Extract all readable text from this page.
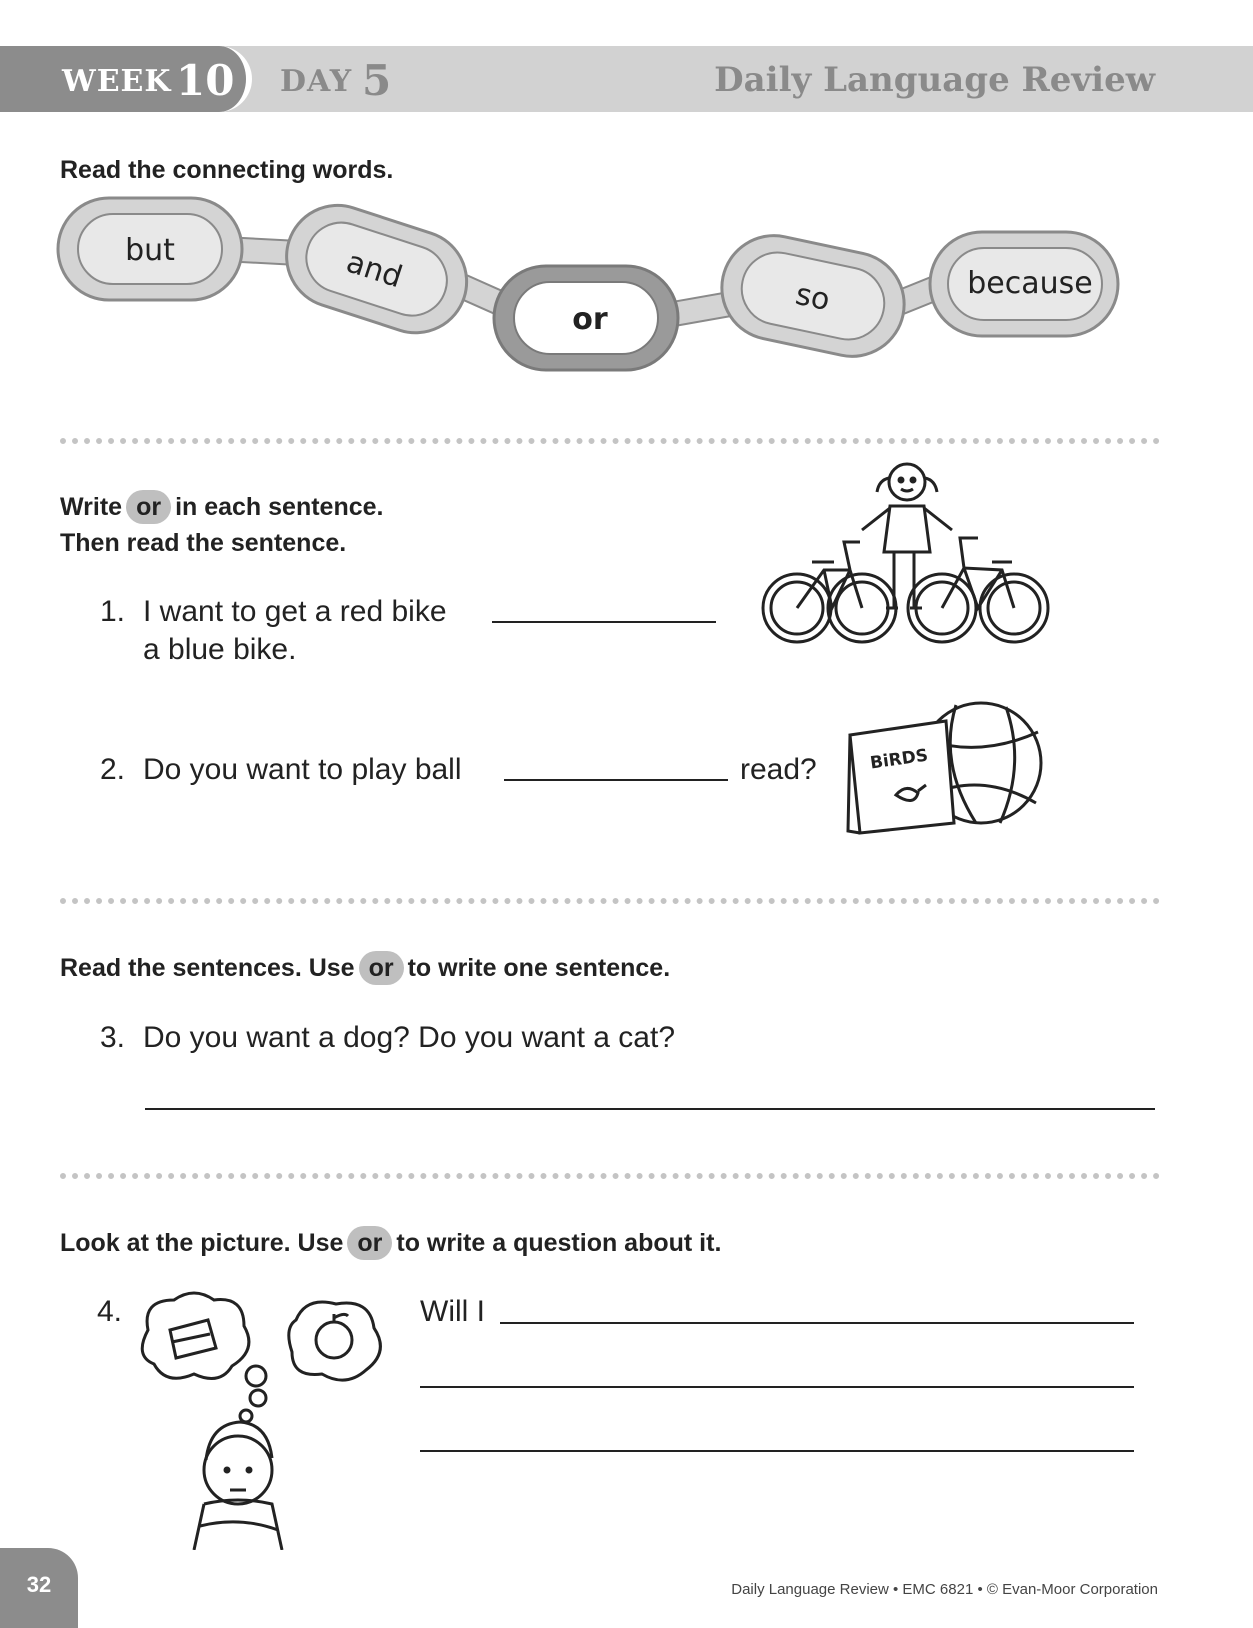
WEEK 10 DAY 5	Daily Language Review
Read the connecting words.
but	and
or
so	because
Write or in each sentence.
Then read the sentence.
1. I want to get a red bike
a blue bike.
2. Do you want to play ball	read?	BiRDS
Read the sentences. Use or to write one sentence.
3. Do you want a dog? Do you want a cat?
Look at the picture. Use or to write a question about it.
4.	Will I
32	Daily Language Review • EMC 6821 • © Evan-Moor Corporation
